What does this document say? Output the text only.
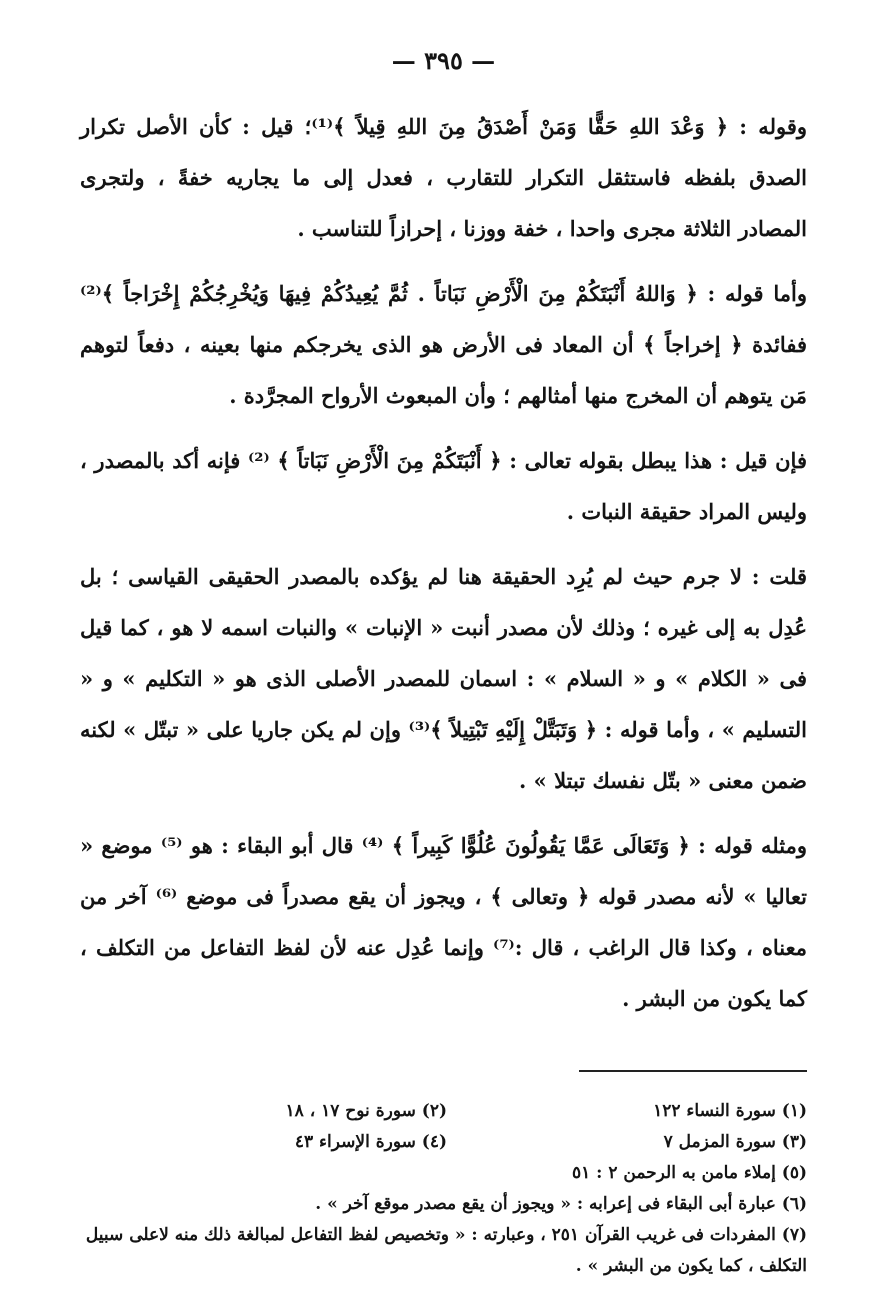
— ٣٩٥ —

وقوله : ﴿ وَعْدَ اللهِ حَقًّا وَمَنْ أَصْدَقُ مِنَ اللهِ قِيلاً ﴾⁽¹⁾؛ قيل : كأن الأصل تكرار الصدق بلفظه فاستثقل التكرار للتقارب ، فعدل إلى ما يجاريه خفةً ، ولتجرى المصادر الثلاثة مجرى واحدا ، خفة ووزنا ، إحرازاً للتناسب .

وأما قوله : ﴿ وَاللهُ أَنْبَتَكُمْ مِنَ الْأَرْضِ نَبَاتاً . ثُمَّ يُعِيدُكُمْ فِيهَا وَيُخْرِجُكُمْ إِخْرَاجاً ﴾⁽²⁾ ففائدة ﴿ إخراجاً ﴾ أن المعاد فى الأرض هو الذى يخرجكم منها بعينه ، دفعاً لتوهم مَن يتوهم أن المخرج منها أمثالهم ؛ وأن المبعوث الأرواح المجرَّدة .

فإن قيل : هذا يبطل بقوله تعالى : ﴿ أَنْبَتَكُمْ مِنَ الْأَرْضِ نَبَاتاً ﴾ ⁽²⁾ فإنه أكد بالمصدر ، وليس المراد حقيقة النبات .

قلت : لا جرم حيث لم يُرِد الحقيقة هنا لم يؤكده بالمصدر الحقيقى القياسى ؛ بل عُدِل به إلى غيره ؛ وذلك لأن مصدر أنبت « الإنبات » والنبات اسمه لا هو ، كما قيل فى « الكلام » و « السلام » : اسمان للمصدر الأصلى الذى هو « التكليم » و « التسليم » ، وأما قوله : ﴿ وَتَبَتَّلْ إِلَيْهِ تَبْتِيلاً ﴾⁽³⁾ وإن لم يكن جاريا على « تبتّل » لكنه ضمن معنى « بتّل نفسك تبتلا » .

ومثله قوله : ﴿ وَتَعَالَى عَمَّا يَقُولُونَ عُلُوًّا كَبِيراً ﴾ ⁽⁴⁾ قال أبو البقاء : هو ⁽⁵⁾ موضع « تعاليا » لأنه مصدر قوله ﴿ وتعالى ﴾ ، ويجوز أن يقع مصدراً فى موضع ⁽⁶⁾ آخر من معناه ، وكذا قال الراغب ، قال :⁽⁷⁾ وإنما عُدِل عنه لأن لفظ التفاعل من التكلف ، كما يكون من البشر .

(١) سورة النساء ١٢٢
(٢) سورة نوح ١٧ ، ١٨
(٣) سورة المزمل ٧
(٤) سورة الإسراء ٤٣
(٥) إملاء مامن به الرحمن ٢ : ٥١
(٦) عبارة أبى البقاء فى إعرابه : « ويجوز أن يقع مصدر موقع آخر » .
(٧) المفردات فى غريب القرآن ٢٥١ ، وعبارته : « وتخصيص لفظ التفاعل لمبالغة ذلك منه لاعلى سبيل
التكلف ، كما يكون من البشر » .
